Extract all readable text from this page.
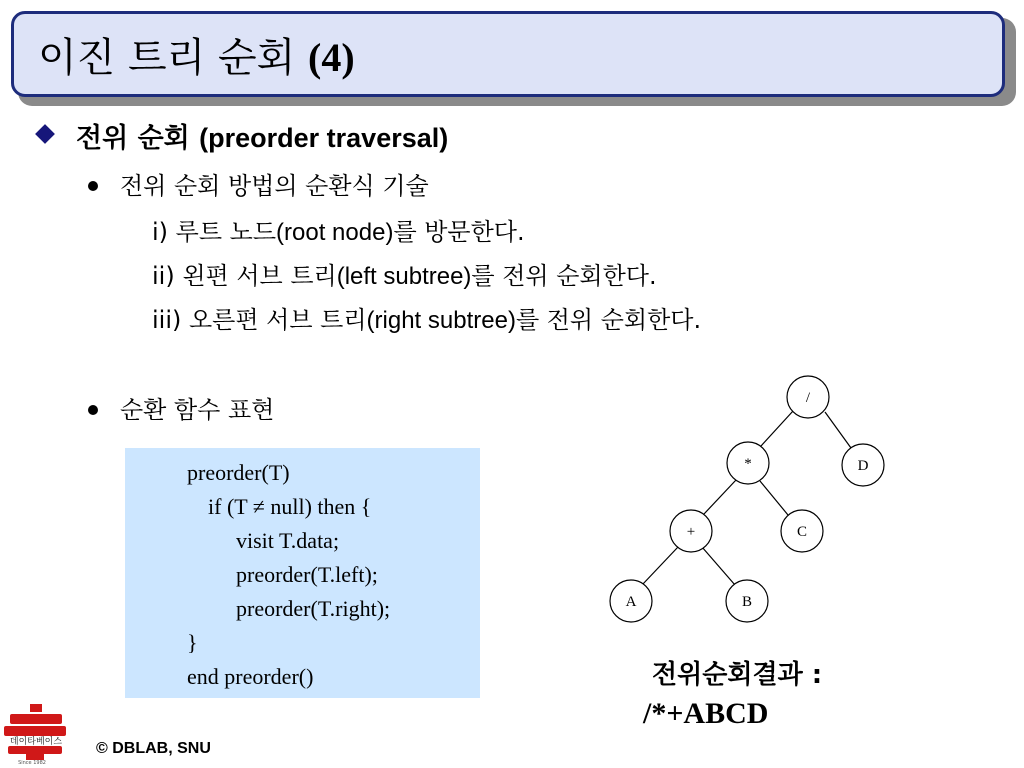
이진 트리 순회 (4)
전위 순회 (preorder traversal)
전위 순회 방법의 순환식 기술
i) 루트 노드(root node)를 방문한다.
ii) 왼편 서브 트리(left subtree)를 전위 순회한다.
iii) 오른편 서브 트리(right subtree)를 전위 순회한다.
순환 함수 표현
preorder(T)
if (T ≠ null) then {
visit T.data;
preorder(T.left);
preorder(T.right);
}
end preorder()
/
*	D
+	C
A	B
전위순회결과 :
/*+ABCD
데이타베이스
Since 1982
© DBLAB, SNU
